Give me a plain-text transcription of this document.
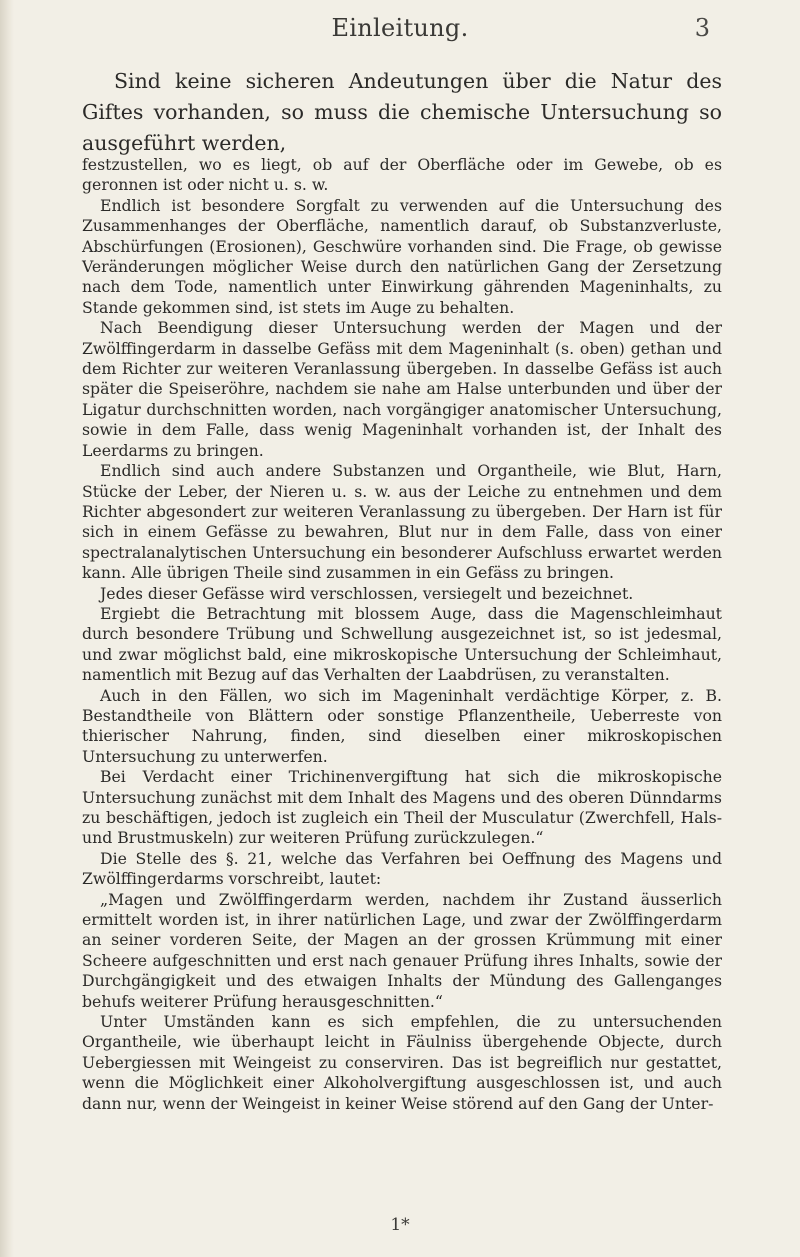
Einleitung.	3

Sind keine sicheren Andeutungen über die Natur des Giftes vorhanden, so muss die chemische Untersuchung so ausgeführt werden,

festzustellen, wo es liegt, ob auf der Oberfläche oder im Gewebe, ob es geronnen ist oder nicht u. s. w.

Endlich ist besondere Sorgfalt zu verwenden auf die Untersuchung des Zusammenhanges der Oberfläche, namentlich darauf, ob Substanzverluste, Abschürfungen (Erosionen), Geschwüre vorhanden sind. Die Frage, ob gewisse Veränderungen möglicher Weise durch den natürlichen Gang der Zersetzung nach dem Tode, namentlich unter Einwirkung gährenden Mageninhalts, zu Stande gekommen sind, ist stets im Auge zu behalten.

Nach Beendigung dieser Untersuchung werden der Magen und der Zwölffingerdarm in dasselbe Gefäss mit dem Mageninhalt (s. oben) gethan und dem Richter zur weiteren Veranlassung übergeben. In dasselbe Gefäss ist auch später die Speiseröhre, nachdem sie nahe am Halse unterbunden und über der Ligatur durchschnitten worden, nach vorgängiger anatomischer Untersuchung, sowie in dem Falle, dass wenig Mageninhalt vorhanden ist, der Inhalt des Leerdarms zu bringen.

Endlich sind auch andere Substanzen und Organtheile, wie Blut, Harn, Stücke der Leber, der Nieren u. s. w. aus der Leiche zu entnehmen und dem Richter abgesondert zur weiteren Veranlassung zu übergeben. Der Harn ist für sich in einem Gefässe zu bewahren, Blut nur in dem Falle, dass von einer spectralanalytischen Untersuchung ein besonderer Aufschluss erwartet werden kann. Alle übrigen Theile sind zusammen in ein Gefäss zu bringen.

Jedes dieser Gefässe wird verschlossen, versiegelt und bezeichnet.

Ergiebt die Betrachtung mit blossem Auge, dass die Magenschleimhaut durch besondere Trübung und Schwellung ausgezeichnet ist, so ist jedesmal, und zwar möglichst bald, eine mikroskopische Untersuchung der Schleimhaut, namentlich mit Bezug auf das Verhalten der Laabdrüsen, zu veranstalten.

Auch in den Fällen, wo sich im Mageninhalt verdächtige Körper, z. B. Bestandtheile von Blättern oder sonstige Pflanzentheile, Ueberreste von thierischer Nahrung, finden, sind dieselben einer mikroskopischen Untersuchung zu unterwerfen.

Bei Verdacht einer Trichinenvergiftung hat sich die mikroskopische Untersuchung zunächst mit dem Inhalt des Magens und des oberen Dünndarms zu beschäftigen, jedoch ist zugleich ein Theil der Musculatur (Zwerchfell, Hals- und Brustmuskeln) zur weiteren Prüfung zurückzulegen.“

Die Stelle des §. 21, welche das Verfahren bei Oeffnung des Magens und Zwölffingerdarms vorschreibt, lautet:

„Magen und Zwölffingerdarm werden, nachdem ihr Zustand äusserlich ermittelt worden ist, in ihrer natürlichen Lage, und zwar der Zwölffingerdarm an seiner vorderen Seite, der Magen an der grossen Krümmung mit einer Scheere aufgeschnitten und erst nach genauer Prüfung ihres Inhalts, sowie der Durchgängigkeit und des etwaigen Inhalts der Mündung des Gallenganges behufs weiterer Prüfung herausgeschnitten.“

Unter Umständen kann es sich empfehlen, die zu untersuchenden Organtheile, wie überhaupt leicht in Fäulniss übergehende Objecte, durch Uebergiessen mit Weingeist zu conserviren. Das ist begreiflich nur gestattet, wenn die Möglichkeit einer Alkoholvergiftung ausgeschlossen ist, und auch dann nur, wenn der Weingeist in keiner Weise störend auf den Gang der Unter-

1*
